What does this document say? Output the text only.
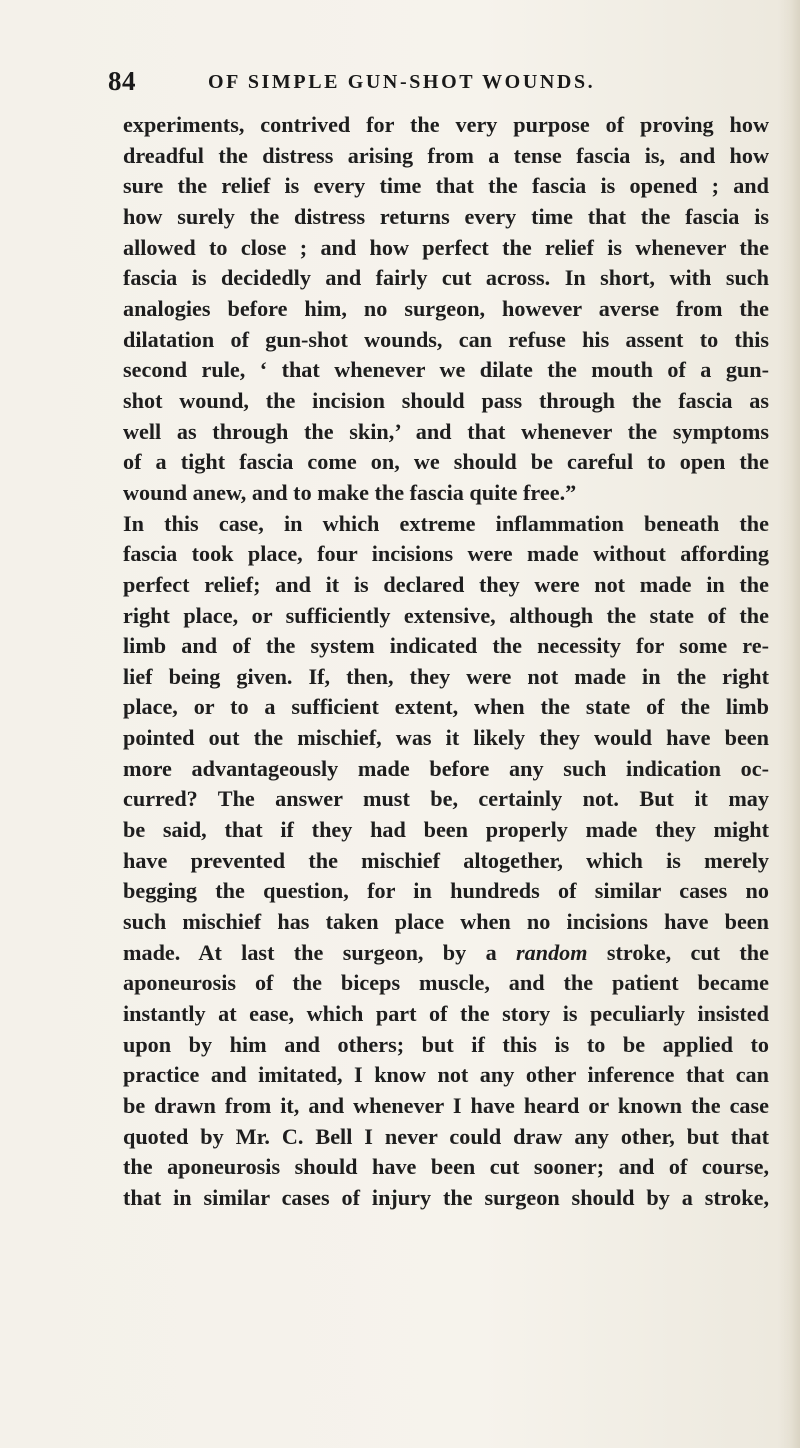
84	OF SIMPLE GUN-SHOT WOUNDS.
experiments, contrived for the very purpose of proving how
dreadful the distress arising from a tense fascia is, and how
sure the relief is every time that the fascia is opened ; and
how surely the distress returns every time that the fascia is
allowed to close ; and how perfect the relief is whenever the
fascia is decidedly and fairly cut across. In short, with such
analogies before him, no surgeon, however averse from the
dilatation of gun-shot wounds, can refuse his assent to this
second rule, ‘ that whenever we dilate the mouth of a gun-
shot wound, the incision should pass through the fascia as
well as through the skin,’ and that whenever the symptoms
of a tight fascia come on, we should be careful to open the
wound anew, and to make the fascia quite free.”
In this case, in which extreme inflammation beneath the
fascia took place, four incisions were made without affording
perfect relief; and it is declared they were not made in the
right place, or sufficiently extensive, although the state of the
limb and of the system indicated the necessity for some re-
lief being given. If, then, they were not made in the right
place, or to a sufficient extent, when the state of the limb
pointed out the mischief, was it likely they would have been
more advantageously made before any such indication oc-
curred? The answer must be, certainly not. But it may
be said, that if they had been properly made they might
have prevented the mischief altogether, which is merely
begging the question, for in hundreds of similar cases no
such mischief has taken place when no incisions have been
made. At last the surgeon, by a random stroke, cut the
aponeurosis of the biceps muscle, and the patient became
instantly at ease, which part of the story is peculiarly insisted
upon by him and others; but if this is to be applied to
practice and imitated, I know not any other inference that can
be drawn from it, and whenever I have heard or known the case
quoted by Mr. C. Bell I never could draw any other, but that
the aponeurosis should have been cut sooner; and of course,
that in similar cases of injury the surgeon should by a stroke,
